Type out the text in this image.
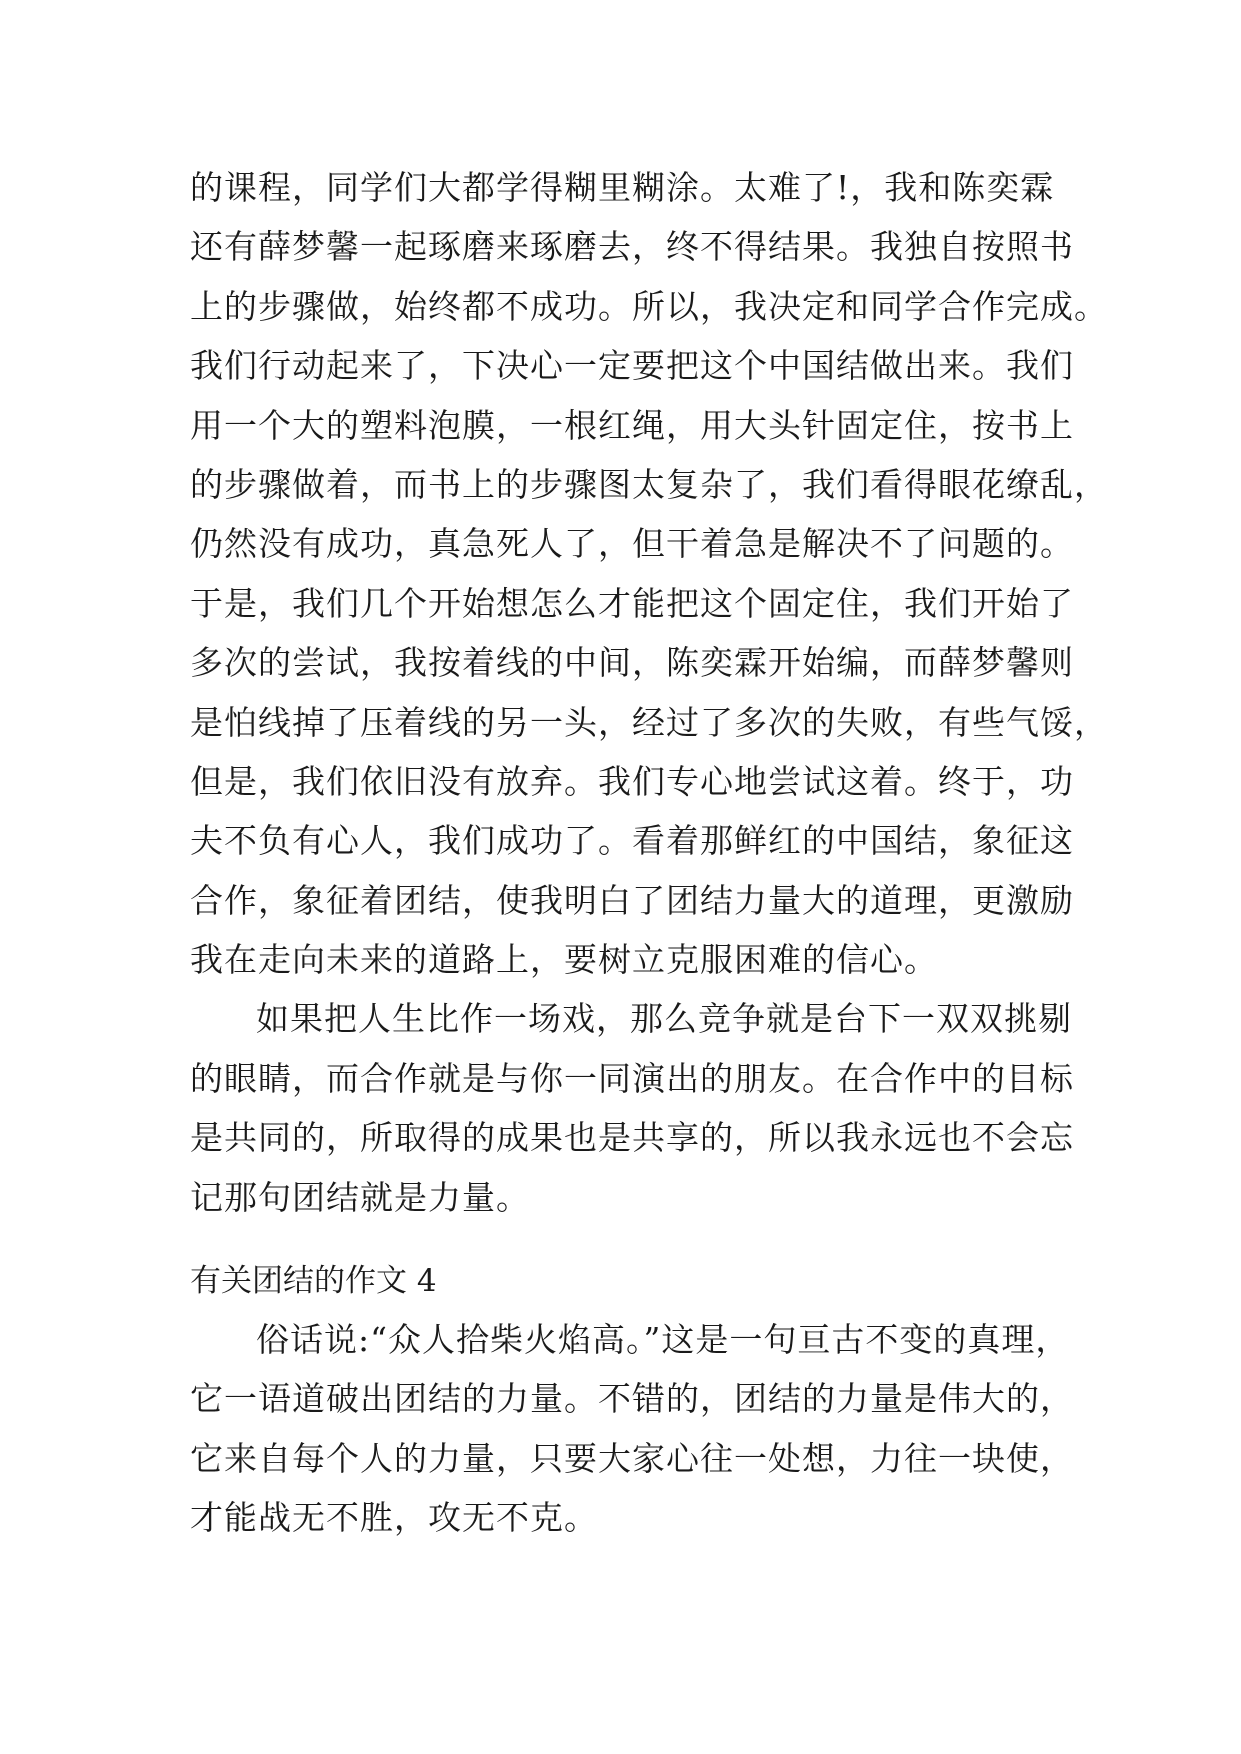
的课程，同学们大都学得糊里糊涂。太难了!，我和陈奕霖
还有薛梦馨一起琢磨来琢磨去，终不得结果。我独自按照书
上的步骤做，始终都不成功。所以，我决定和同学合作完成。
我们行动起来了，下决心一定要把这个中国结做出来。我们
用一个大的塑料泡膜，一根红绳，用大头针固定住，按书上
的步骤做着，而书上的步骤图太复杂了，我们看得眼花缭乱，
仍然没有成功，真急死人了，但干着急是解决不了问题的。
于是，我们几个开始想怎么才能把这个固定住，我们开始了
多次的尝试，我按着线的中间，陈奕霖开始编，而薛梦馨则
是怕线掉了压着线的另一头，经过了多次的失败，有些气馁，
但是，我们依旧没有放弃。我们专心地尝试这着。终于，功
夫不负有心人，我们成功了。看着那鲜红的中国结，象征这
合作，象征着团结，使我明白了团结力量大的道理，更激励
我在走向未来的道路上，要树立克服困难的信心。
如果把人生比作一场戏，那么竞争就是台下一双双挑剔
的眼睛，而合作就是与你一同演出的朋友。在合作中的目标
是共同的，所取得的成果也是共享的，所以我永远也不会忘
记那句团结就是力量。
有关团结的作文 4
俗话说:“众人拾柴火焰高。”这是一句亘古不变的真理，
它一语道破出团结的力量。不错的，团结的力量是伟大的，
它来自每个人的力量，只要大家心往一处想，力往一块使，
才能战无不胜，攻无不克。
